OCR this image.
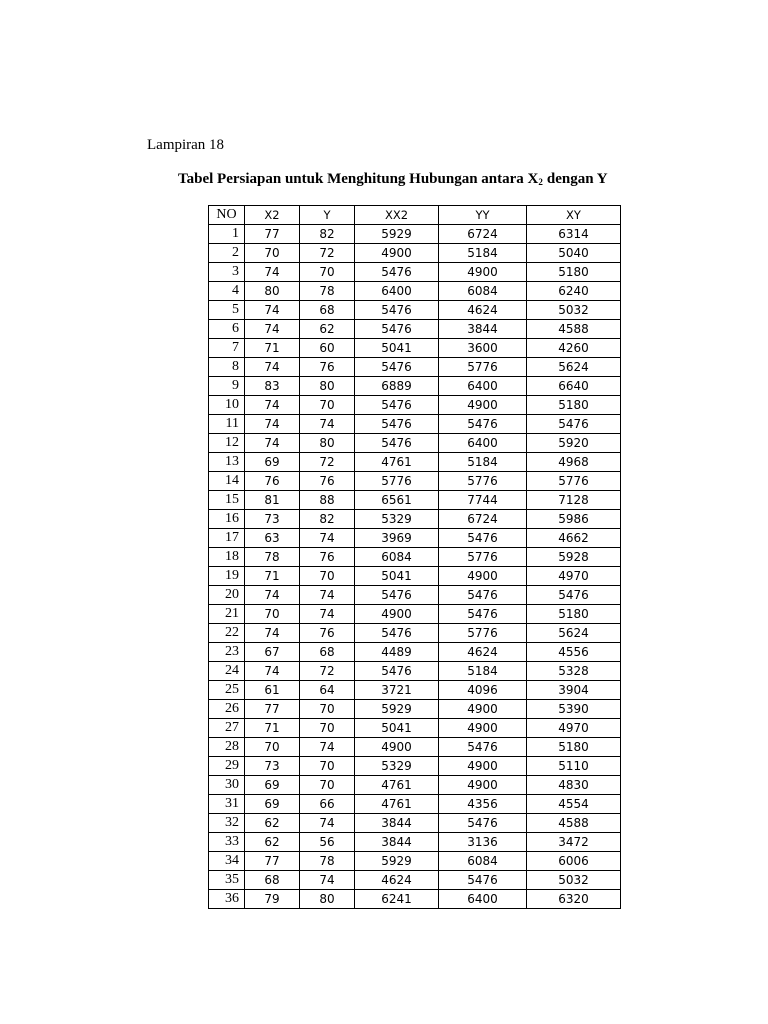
Lampiran 18
Tabel Persiapan untuk Menghitung Hubungan antara $X_2$ dengan Y
NO	X2	Y	XX2	YY	XY
1	77	82	5929	6724	6314
2	70	72	4900	5184	5040
3	74	70	5476	4900	5180
4	80	78	6400	6084	6240
5	74	68	5476	4624	5032
6	74	62	5476	3844	4588
7	71	60	5041	3600	4260
8	74	76	5476	5776	5624
9	83	80	6889	6400	6640
10	74	70	5476	4900	5180
11	74	74	5476	5476	5476
12	74	80	5476	6400	5920
13	69	72	4761	5184	4968
14	76	76	5776	5776	5776
15	81	88	6561	7744	7128
16	73	82	5329	6724	5986
17	63	74	3969	5476	4662
18	78	76	6084	5776	5928
19	71	70	5041	4900	4970
20	74	74	5476	5476	5476
21	70	74	4900	5476	5180
22	74	76	5476	5776	5624
23	67	68	4489	4624	4556
24	74	72	5476	5184	5328
25	61	64	3721	4096	3904
26	77	70	5929	4900	5390
27	71	70	5041	4900	4970
28	70	74	4900	5476	5180
29	73	70	5329	4900	5110
30	69	70	4761	4900	4830
31	69	66	4761	4356	4554
32	62	74	3844	5476	4588
33	62	56	3844	3136	3472
34	77	78	5929	6084	6006
35	68	74	4624	5476	5032
36	79	80	6241	6400	6320
